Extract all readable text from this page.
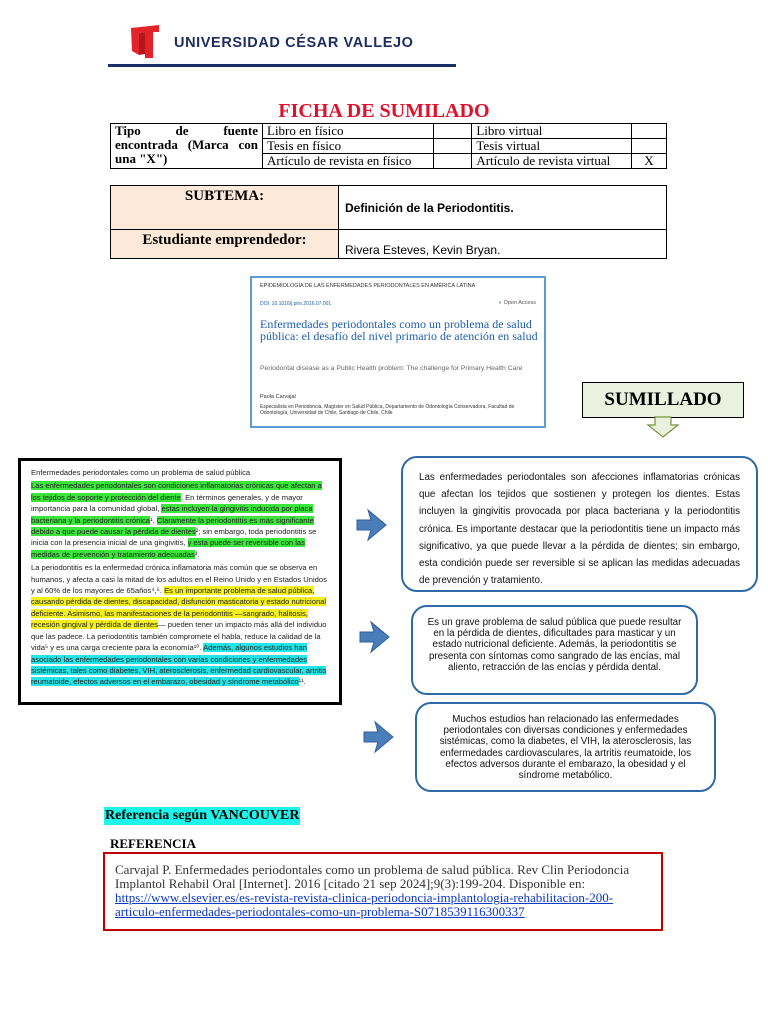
UNIVERSIDAD CÉSAR VALLEJO
FICHA DE SUMILADO
Tipo de fuente encontrada (Marca con una "X")	Libro en físico		Libro virtual	
	Tesis en físico		Tesis virtual	
	Artículo de revista en físico		Artículo de revista virtual	X
SUBTEMA:	Definición de la Periodontitis.
Estudiante emprendedor:	Rivera Esteves, Kevin Bryan.
EPIDEMIOLOGÍA DE LAS ENFERMEDADES PERIODONTALES EN AMÉRICA LATINA
DOI: 10.1016/j.piro.2016.07.001	◐ Open Access
Enfermedades periodontales como un problema de salud pública: el desafío del nivel primario de atención en salud
Periodontal disease as a Public Health problem: The challenge for Primary Health Care
Paola Carvajal
Especialista en Periodoncia, Magíster en Salud Pública, Departamento de Odontología Conservadora, Facultad de Odontología, Universidad de Chile, Santiago de Chile, Chile
SUMILLADO

Enfermedades periodontales como un problema de salud pública

Las enfermedades periodontales son condiciones inflamatorias crónicas que afectan a los tejidos de soporte y protección del diente. En términos generales, y de mayor importancia para la comunidad global, estas incluyen la gingivitis inducida por placa bacteriana y la periodontitis crónica¹. Claramente la periodontitis es más significante debido a que puede causar la pérdida de dientes²; sin embargo, toda periodontitis se inicia con la presencia inicial de una gingivitis, y esta puede ser reversible con las medidas de prevención y tratamiento adecuadas³.

La periodontitis es la enfermedad crónica inflamatoria más común que se observa en humanos, y afecta a casi la mitad de los adultos en el Reino Unido y en Estados Unidos y al 60% de los mayores de 65años⁴,⁵. Es un importante problema de salud pública, causando pérdida de dientes, discapacidad, disfunción masticatoria y estado nutricional deficiente. Asimismo, las manifestaciones de la periodontitis —sangrado, halitosis, recesión gingival y pérdida de dientes— pueden tener un impacto más allá del individuo que las padece. La periodontitis también compromete el habla, reduce la calidad de la vida⁵ y es una carga creciente para la economía¹⁰. Además, algunos estudios han asociado las enfermedades periodontales con varias condiciones y enfermedades sistémicas, tales como diabetes, VIH, aterosclerosis, enfermedad cardiovascular, artritis reumatoide, efectos adversos en el embarazo, obesidad y síndrome metabólico¹¹.

Las enfermedades periodontales son afecciones inflamatorias crónicas que afectan los tejidos que sostienen y protegen los dientes. Estas incluyen la gingivitis provocada por placa bacteriana y la periodontitis crónica. Es importante destacar que la periodontitis tiene un impacto más significativo, ya que puede llevar a la pérdida de dientes; sin embargo, esta condición puede ser reversible si se aplican las medidas adecuadas de prevención y tratamiento.
Es un grave problema de salud pública que puede resultar en la pérdida de dientes, dificultades para masticar y un estado nutricional deficiente. Además, la periodontitis se presenta con síntomas como sangrado de las encías, mal aliento, retracción de las encías y pérdida dental.
Muchos estudios han relacionado las enfermedades periodontales con diversas condiciones y enfermedades sistémicas, como la diabetes, el VIH, la aterosclerosis, las enfermedades cardiovasculares, la artritis reumatoide, los efectos adversos durante el embarazo, la obesidad y el síndrome metabólico.
Referencia según VANCOUVER
REFERENCIA
Carvajal P. Enfermedades periodontales como un problema de salud pública. Rev Clin Periodoncia Implantol Rehabil Oral [Internet]. 2016 [citado 21 sep 2024];9(3):199-204. Disponible en:
https://www.elsevier.es/es-revista-revista-clinica-periodoncia-implantologia-rehabilitacion-200-articulo-enfermedades-periodontales-como-un-problema-S0718539116300337
